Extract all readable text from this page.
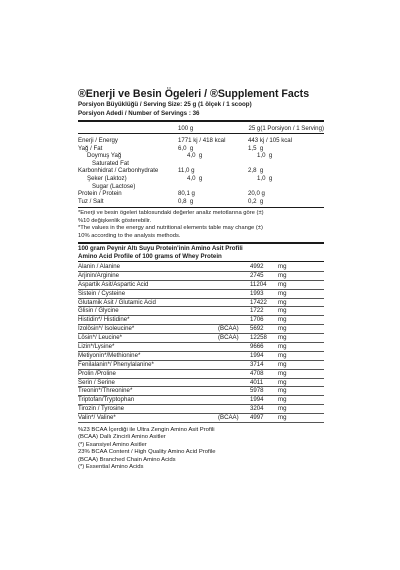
®Enerji ve Besin Ögeleri / ®Supplement Facts
Porsiyon Büyüklüğü / Serving Size: 25 g (1 ölçek / 1 scoop)
Porsiyon Adedi / Number of Servings : 36
100 g	25 g(1 Porsiyon / 1 Serving)
Enerji / Energy	1771 kj / 418 kcal	443 kj / 105 kcal
Yağ / Fat	6,0  g	1,5  g
Doymuş Yağ	4,0  g	1,0  g
Saturated Fat
Karbonhidrat / Carbonhydrate	11,0 g	2,8  g
Şeker (Laktoz)	4,0  g	1,0  g
Sugar (Lactose)
Protein / Protein	80,1 g	20,0 g
Tuz / Salt	0,8  g	0,2  g
*Enerji ve besin ögeleri tablosundaki değerler analiz metotlarına göre (±)
%10 değişkenlik gösterebilir.
*The values in the energy and nutritional elements table may change (±)
10% according to the analysis methods.
100 gram Peynir Altı Suyu Protein'inin Amino Asit Profili
Amino Acid Profile of 100 grams of Whey Protein
Alanin / Alanine	4992	mg
Arjinin/Arginine	2745	mg
Aspartik Asit/Aspartic Acid	11204	mg
Sistein / Cysteine	1993	mg
Glutamik Asit / Glutamic Acid	17422	mg
Glisin / Glycine	1722	mg
Histidin*/ Histidine*	1706	mg
İzolösin*/ Isoleucine*	(BCAA)	5692	mg
Lösin*/ Leucine*	(BCAA)	12258	mg
Lizin*/Lysine*	9666	mg
Metiyonin*/Methionine*	1994	mg
Fenilalanin*/ Phenylalanine*	3714	mg
Prolin /Proline	4708	mg
Serin / Serine	4011	mg
Treonin*/Threonine*	5978	mg
Triptofan/Tryptophan	1994	mg
Tirozin / Tyrosine	3204	mg
Valin*/ Valine*	(BCAA)	4997	mg
%23 BCAA İçerdiği ile Ultra Zengin Amino Asit Profili
(BCAA) Dallı Zincirli Amino Asitler
(*) Esansiyel Amino Asitler
23% BCAA Content / High Quality Amino Acid Profile
(BCAA) Branched Chain Amino Acids
(*) Essential Amino Acids
